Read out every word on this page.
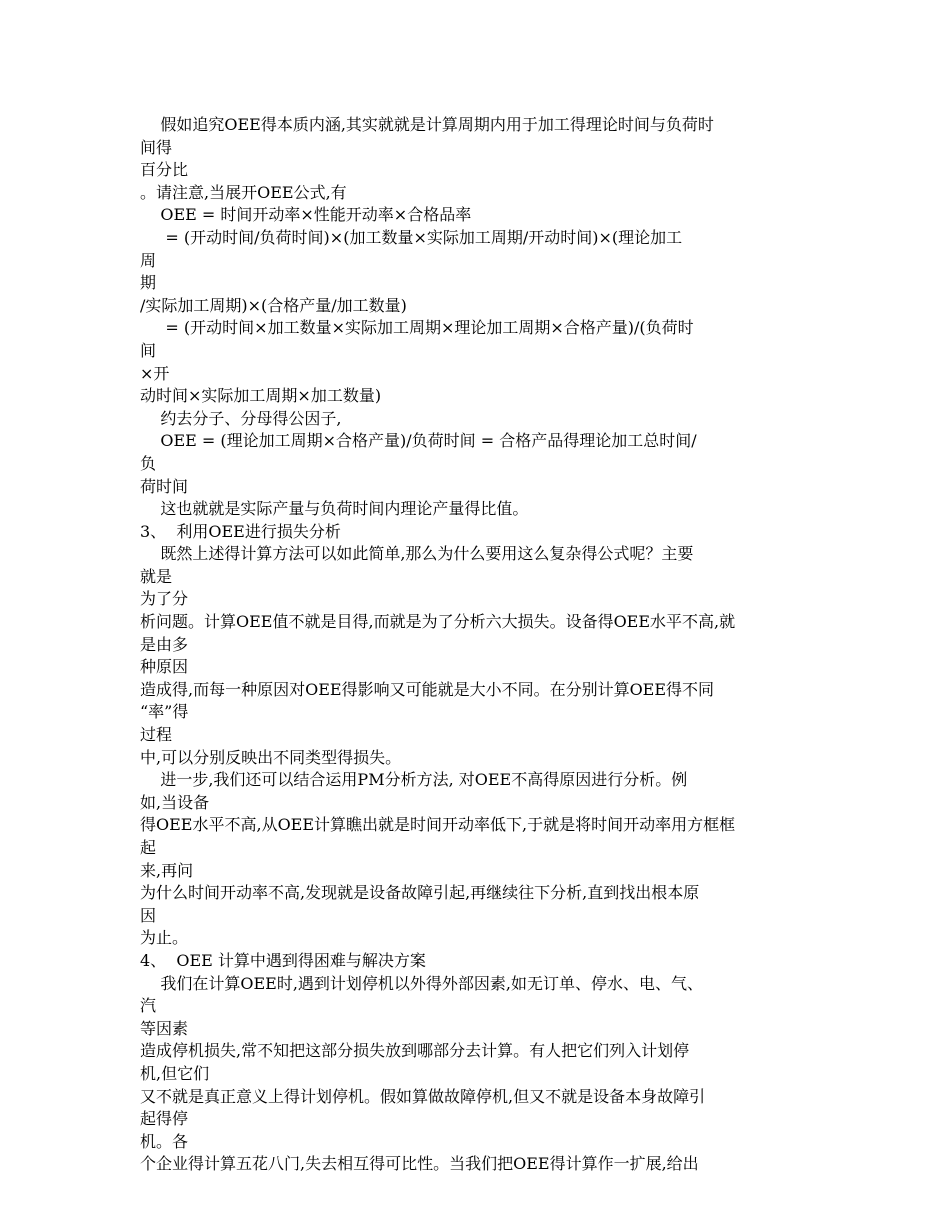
假如追究OEE得本质内涵,其实就就是计算周期内用于加工得理论时间与负荷时
间得
百分比
。请注意,当展开OEE公式,有
OEE = 时间开动率×性能开动率×合格品率
= (开动时间/负荷时间)×(加工数量×实际加工周期/开动时间)×(理论加工
周
期
/实际加工周期)×(合格产量/加工数量)
= (开动时间×加工数量×实际加工周期×理论加工周期×合格产量)/(负荷时
间
×开
动时间×实际加工周期×加工数量)
约去分子、分母得公因子,
OEE = (理论加工周期×合格产量)/负荷时间 = 合格产品得理论加工总时间/
负
荷时间
这也就就是实际产量与负荷时间内理论产量得比值。
3、  利用OEE进行损失分析
既然上述得计算方法可以如此简单,那么为什么要用这么复杂得公式呢？主要
就是
为了分
析问题。计算OEE值不就是目得,而就是为了分析六大损失。设备得OEE水平不高,就
是由多
种原因
造成得,而每一种原因对OEE得影响又可能就是大小不同。在分别计算OEE得不同
“率”得
过程
中,可以分别反映出不同类型得损失。
进一步,我们还可以结合运用PM分析方法, 对OEE不高得原因进行分析。例
如,当设备
得OEE水平不高,从OEE计算瞧出就是时间开动率低下,于就是将时间开动率用方框框
起
来,再问
为什么时间开动率不高,发现就是设备故障引起,再继续往下分析,直到找出根本原
因
为止。
4、  OEE 计算中遇到得困难与解决方案
我们在计算OEE时,遇到计划停机以外得外部因素,如无订单、停水、电、气、
汽
等因素
造成停机损失,常不知把这部分损失放到哪部分去计算。有人把它们列入计划停
机,但它们
又不就是真正意义上得计划停机。假如算做故障停机,但又不就是设备本身故障引
起得停
机。各
个企业得计算五花八门,失去相互得可比性。当我们把OEE得计算作一扩展,给出
